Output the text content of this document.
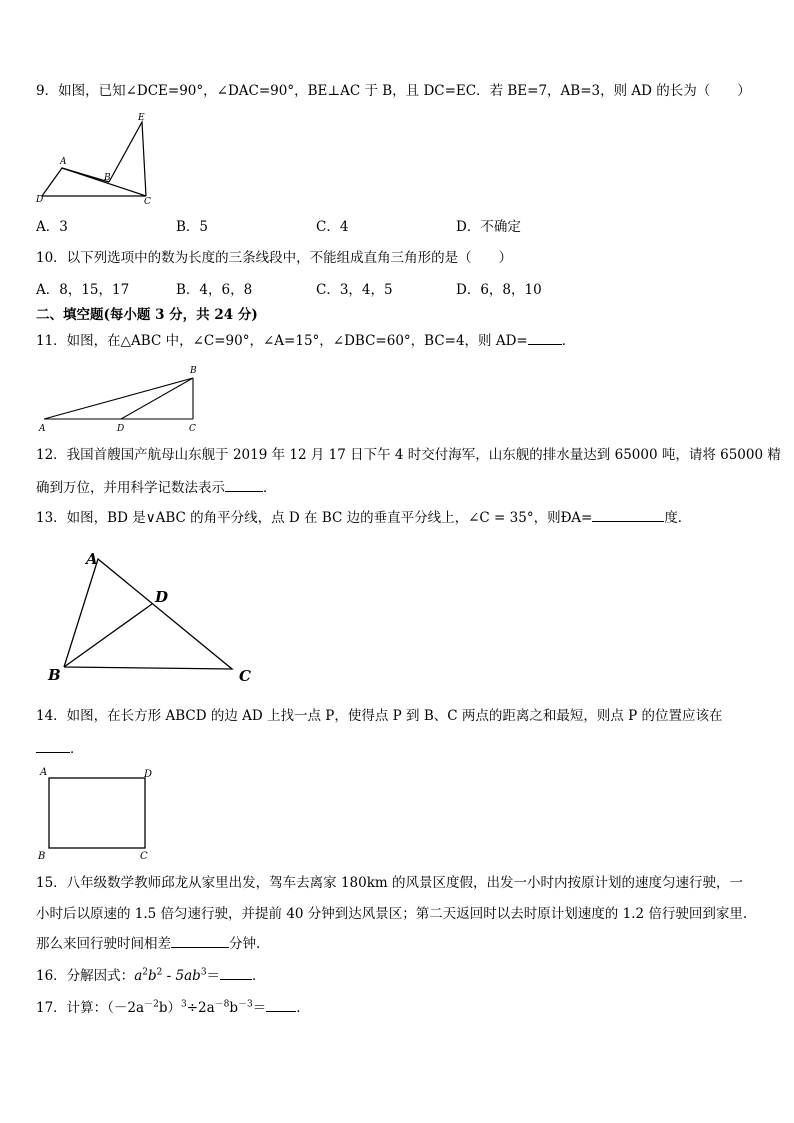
9．如图，已知∠DCE=90°，∠DAC=90°，BE⊥AC 于 B，且 DC=EC．若 BE=7，AB=3，则 AD 的长为（　　）
E
A
B
D	C
A．3	B．5	C．4	D．不确定
10．以下列选项中的数为长度的三条线段中，不能组成直角三角形的是（　　）
A．8，15，17	B．4，6，8	C．3，4，5	D．6，8，10
二、填空题(每小题 3 分，共 24 分)
11．如图，在△ABC 中，∠C=90°，∠A=15°，∠DBC=60°，BC=4，则 AD=	．
B
A	D	C
12．我国首艘国产航母山东舰于 2019 年 12 月 17 日下午 4 时交付海军，山东舰的排水量达到 65000 吨，请将 65000 精
确到万位，并用科学记数法表示	．
13．如图，BD 是∨ABC 的角平分线，点 D 在 BC 边的垂直平分线上，∠C = 35°，则ÐA=	度．
A
B	C
D
14．如图，在长方形 ABCD 的边 AD 上找一点 P，使得点 P 到 B、C 两点的距离之和最短，则点 P 的位置应该在
．
A	D
B	C
15．八年级数学教师邱龙从家里出发，驾车去离家 180km 的风景区度假，出发一小时内按原计划的速度匀速行驶，一
小时后以原速的 1.5 倍匀速行驶，并提前 40 分钟到达风景区；第二天返回时以去时原计划速度的 1.2 倍行驶回到家里.
那么来回行驶时间相差	分钟.
16．分解因式：$a^2b^2 - 5ab^3=$ ．
17．计算：$(-2a^{-2}b)^3\div 2a^{-8}b^{-3}=$ ．
